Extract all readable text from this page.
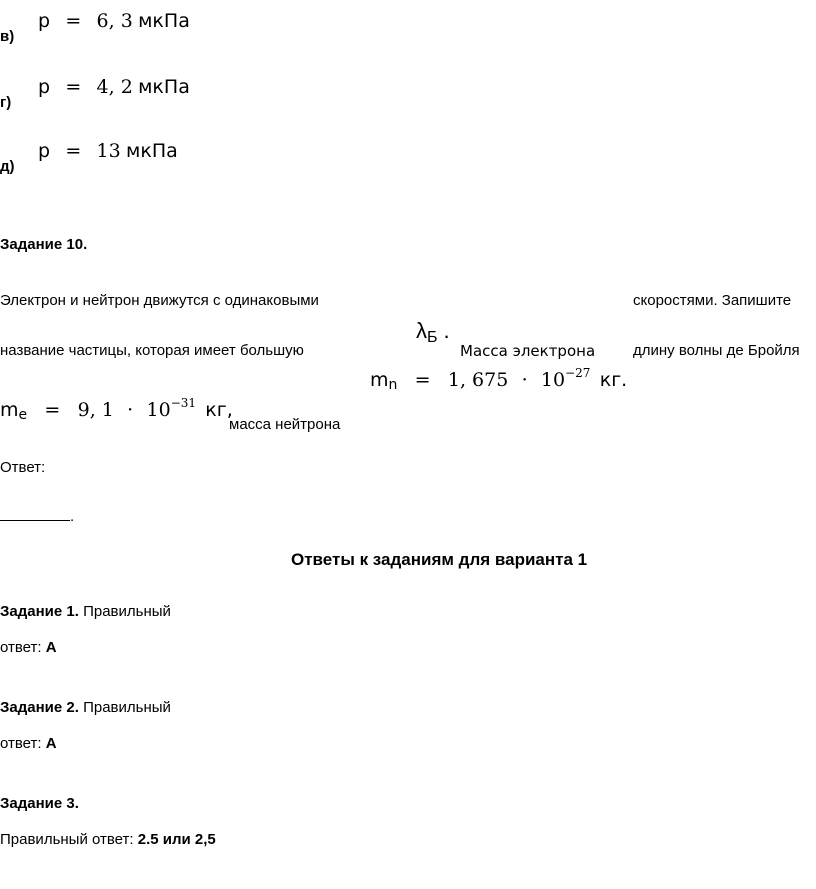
в)
p = 6, 3 мкПа
г)
p = 4, 2 мкПа
д)
p = 13 мкПа
Задание 10.
Электрон и нейтрон движутся с одинаковыми	скоростями. Запишите
название частицы, которая имеет большую
λБ .
Масса электрона	длину волны де Бройля
mn = 1, $675 \cdot 10^{-27}$ кг.
me = 9, $1 \cdot 10^{-31}$ кг,
масса нейтрона
Ответ:
.
Ответы к заданиям для варианта 1
Задание 1. Правильный
ответ: А
Задание 2. Правильный
ответ: А
Задание 3.
Правильный ответ: 2.5 или 2,5
